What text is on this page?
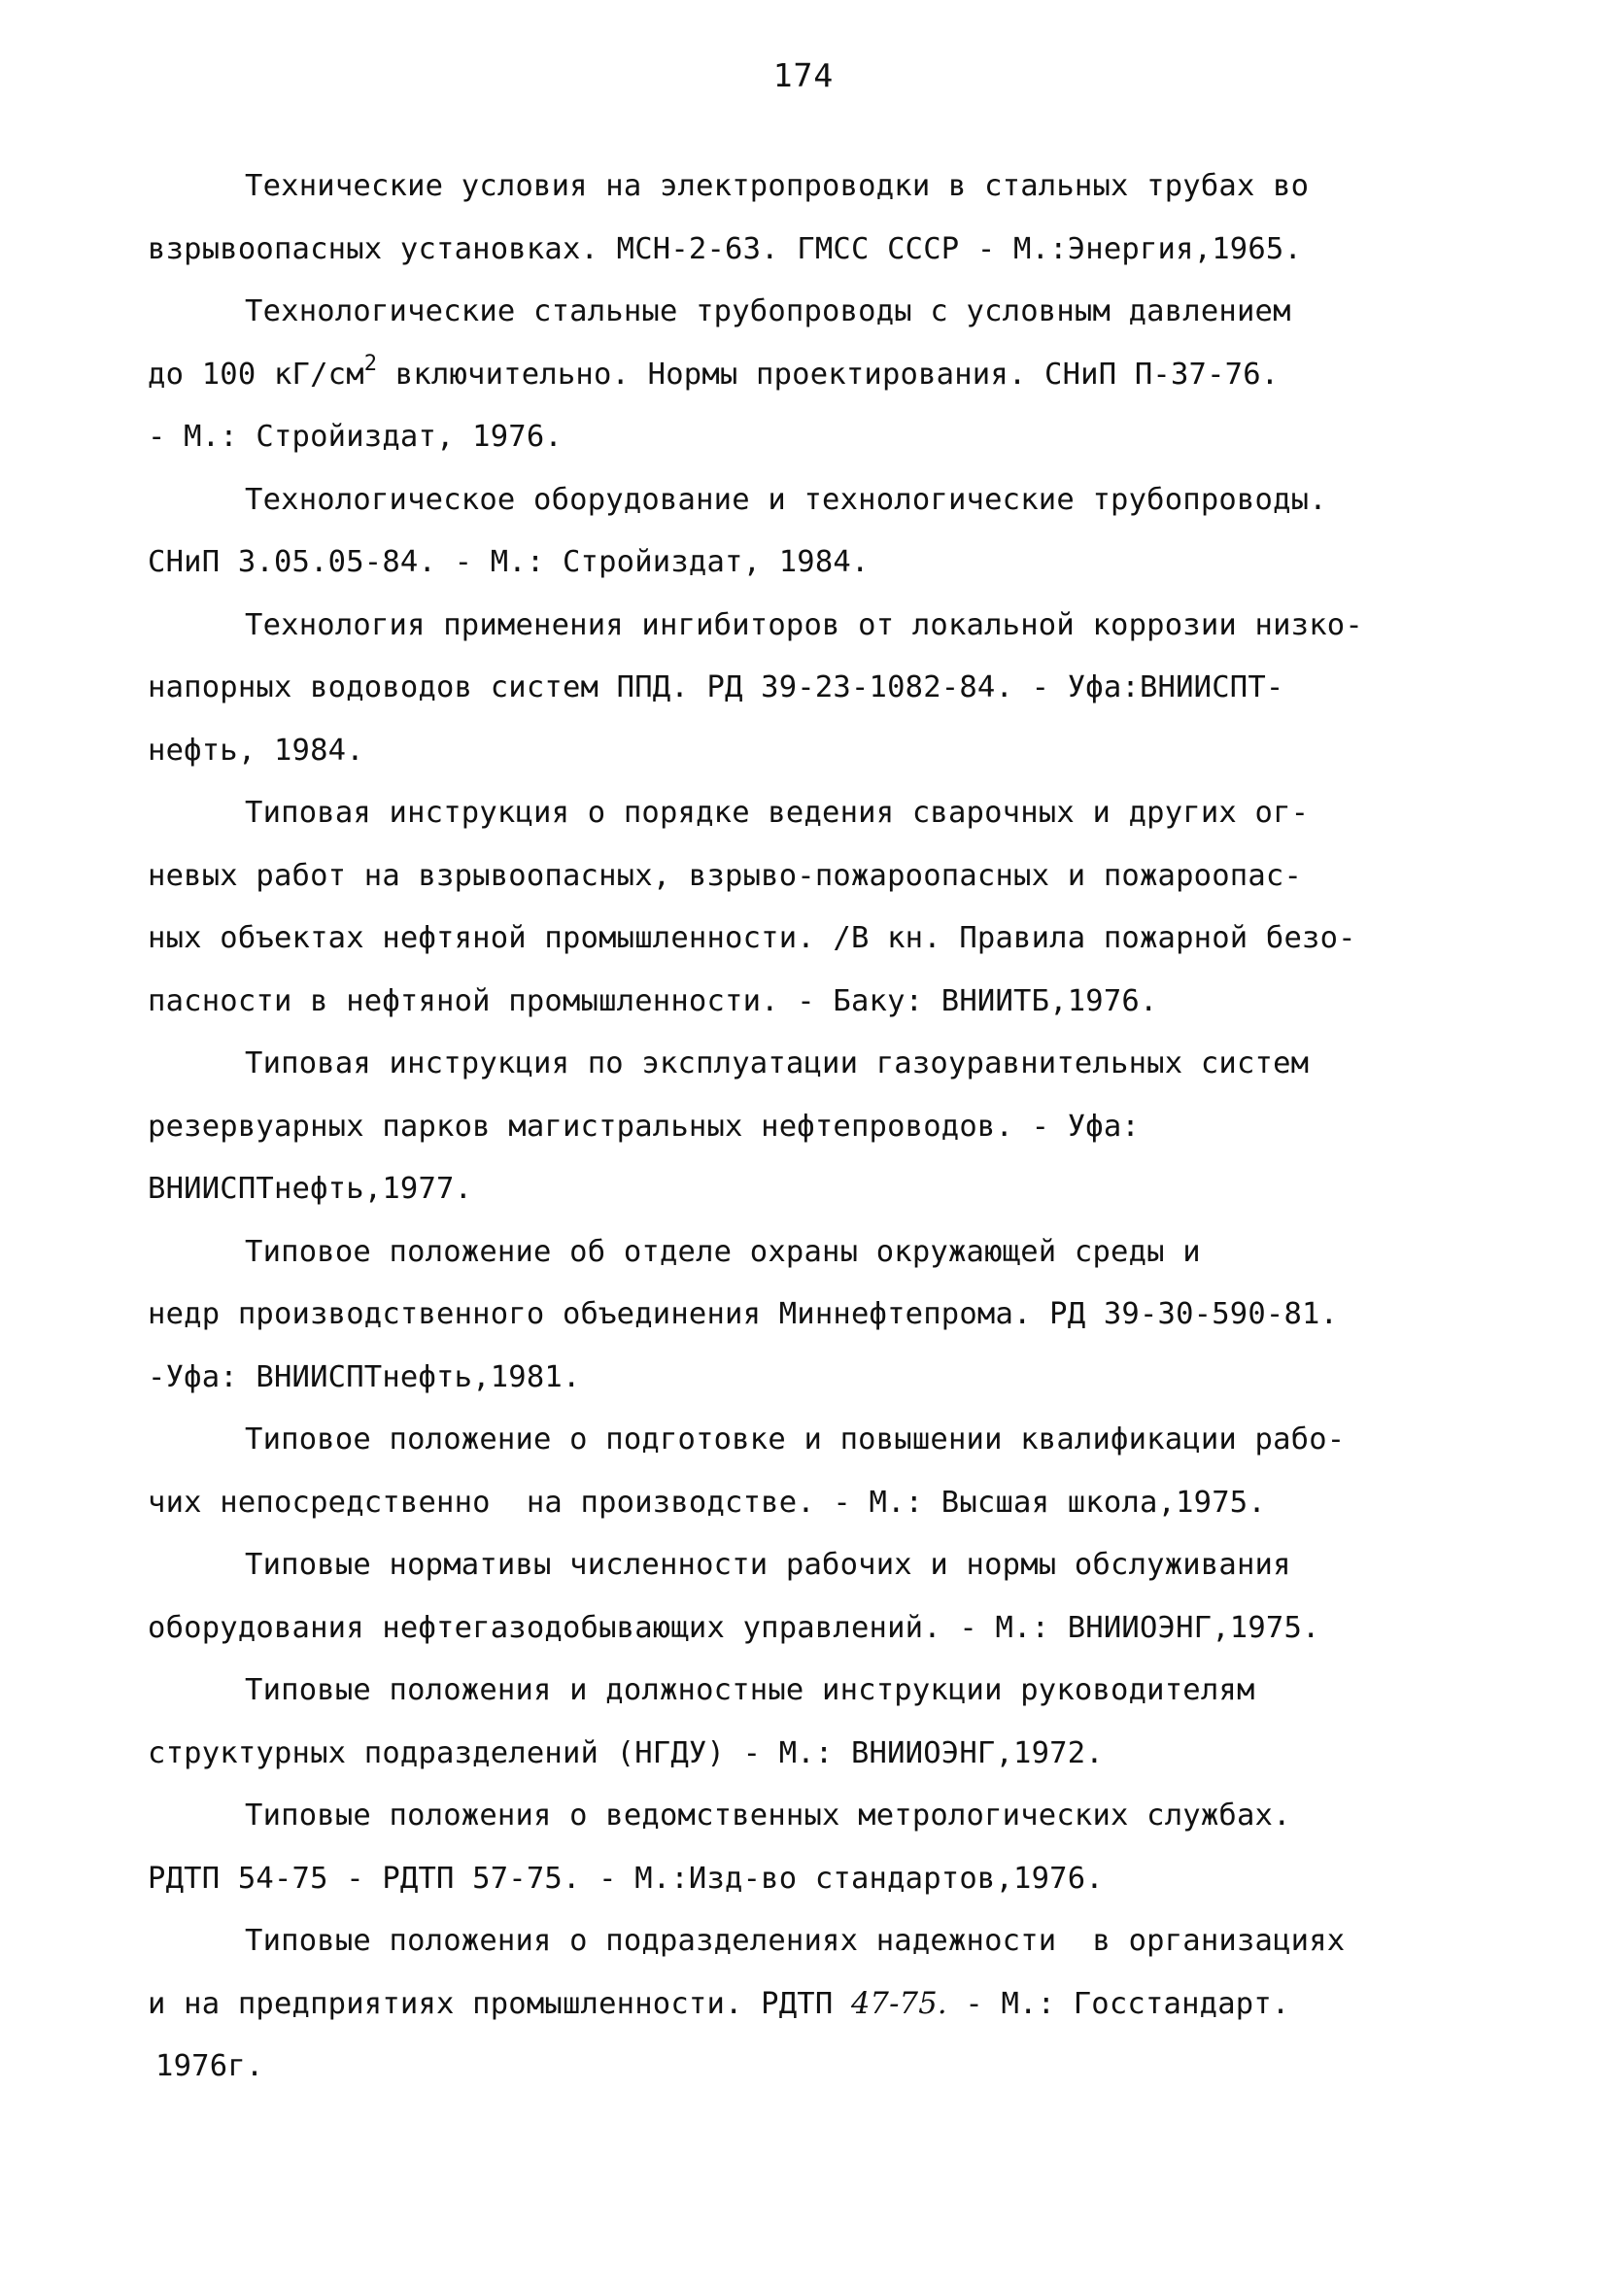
174
Технические условия на электропроводки в стальных трубах во
взрывоопасных установках. МСН-2-63. ГМСС СССР - М.:Энергия,1965.
Технологические стальные трубопроводы с условным давлением
до 100 $кГ/см^2$ включительно. Нормы проектирования. СНиП П-37-76.
- М.: Стройиздат, 1976.
Технологическое оборудование и технологические трубопроводы.
СНиП 3.05.05-84. - М.: Стройиздат, 1984.
Технология применения ингибиторов от локальной коррозии низко-
напорных водоводов систем ППД. РД 39-23-1082-84. - Уфа:ВНИИСПТ-
нефть, 1984.
Типовая инструкция о порядке ведения сварочных и других ог-
невых работ на взрывоопасных, взрыво-пожароопасных и пожароопас-
ных объектах нефтяной промышленности. /В кн. Правила пожарной безо-
пасности в нефтяной промышленности. - Баку: ВНИИТБ,1976.
Типовая инструкция по эксплуатации газоуравнительных систем
резервуарных парков магистральных нефтепроводов. - Уфа:
ВНИИСПТнефть,1977.
Типовое положение об отделе охраны окружающей среды и
недр производственного объединения Миннефтепрома. РД 39-30-590-81.
-Уфа: ВНИИСПТнефть,1981.
Типовое положение о подготовке и повышении квалификации рабо-
чих непосредственно  на производстве. - М.: Высшая школа,1975.
Типовые нормативы численности рабочих и нормы обслуживания
оборудования нефтегазодобывающих управлений. - М.: ВНИИОЭНГ,1975.
Типовые положения и должностные инструкции руководителям
структурных подразделений (НГДУ) - М.: ВНИИОЭНГ,1972.
Типовые положения о ведомственных метрологических службах.
РДТП 54-75 - РДТП 57-75. - М.:Изд-во стандартов,1976.
Типовые положения о подразделениях надежности  в организациях
и на предприятиях промышленности. РДТП 47-75. - М.: Госстандарт.
1976г.
